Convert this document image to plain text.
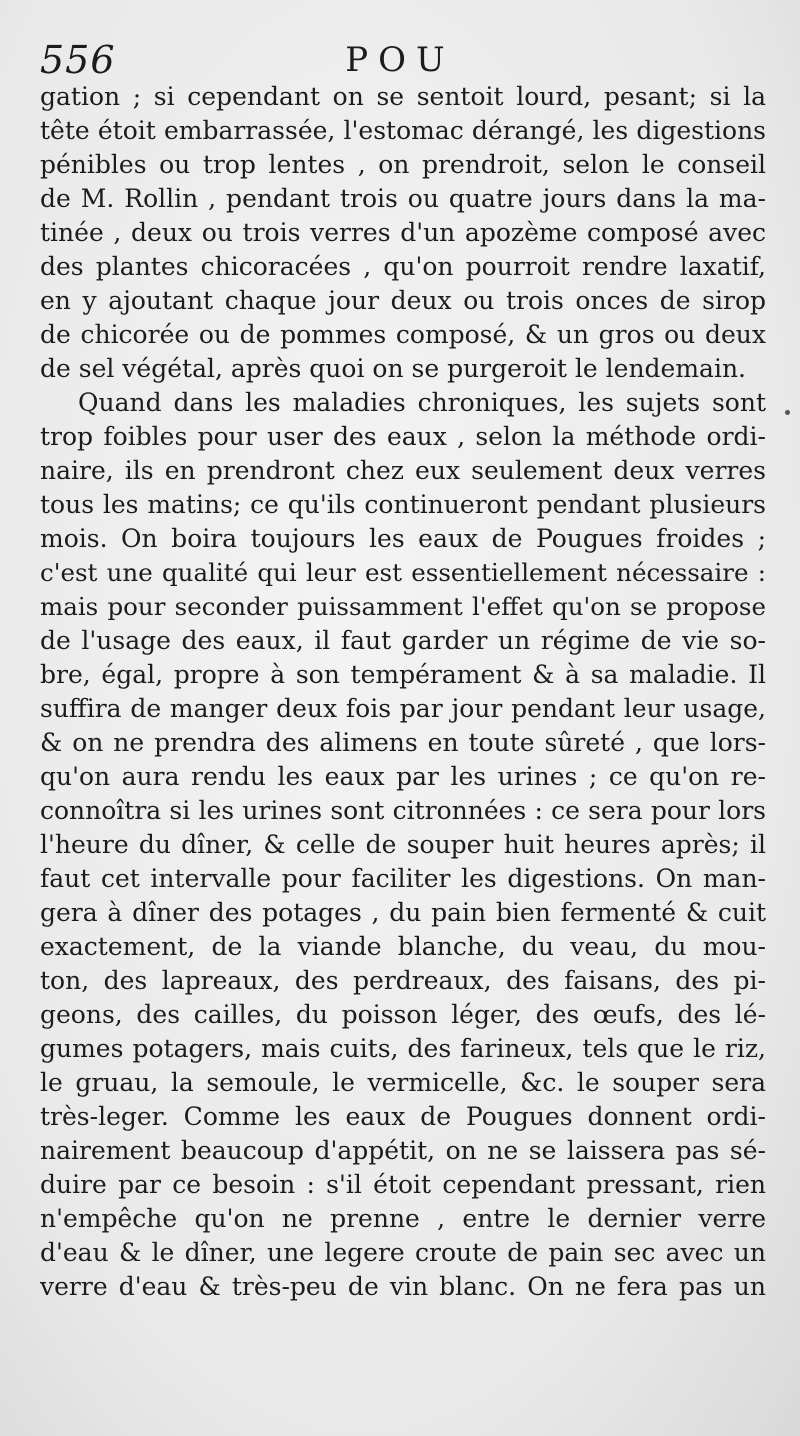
556	POU
gation ; si cependant on se sentoit lourd, pesant; si la
tête étoit embarrassée, l'estomac dérangé, les digestions
pénibles ou trop lentes , on prendroit, selon le conseil
de M. Rollin , pendant trois ou quatre jours dans la ma-
tinée , deux ou trois verres d'un apozème composé avec
des plantes chicoracées , qu'on pourroit rendre laxatif,
en y ajoutant chaque jour deux ou trois onces de sirop
de chicorée ou de pommes composé, & un gros ou deux
de sel végétal, après quoi on se purgeroit le lendemain.
Quand dans les maladies chroniques, les sujets sont
trop foibles pour user des eaux , selon la méthode ordi-
naire, ils en prendront chez eux seulement deux verres
tous les matins; ce qu'ils continueront pendant plusieurs
mois. On boira toujours les eaux de Pougues froides ;
c'est une qualité qui leur est essentiellement nécessaire :
mais pour seconder puissamment l'effet qu'on se propose
de l'usage des eaux, il faut garder un régime de vie so-
bre, égal, propre à son tempérament & à sa maladie. Il
suffira de manger deux fois par jour pendant leur usage,
& on ne prendra des alimens en toute sûreté , que lors-
qu'on aura rendu les eaux par les urines ; ce qu'on re-
connoîtra si les urines sont citronnées : ce sera pour lors
l'heure du dîner, & celle de souper huit heures après; il
faut cet intervalle pour faciliter les digestions. On man-
gera à dîner des potages , du pain bien fermenté & cuit
exactement, de la viande blanche, du veau, du mou-
ton, des lapreaux, des perdreaux, des faisans, des pi-
geons, des cailles, du poisson léger, des œufs, des lé-
gumes potagers, mais cuits, des farineux, tels que le riz,
le gruau, la semoule, le vermicelle, &c. le souper sera
très-leger. Comme les eaux de Pougues donnent ordi-
nairement beaucoup d'appétit, on ne se laissera pas sé-
duire par ce besoin : s'il étoit cependant pressant, rien
n'empêche qu'on ne prenne , entre le dernier verre
d'eau & le dîner, une legere croute de pain sec avec un
verre d'eau & très-peu de vin blanc. On ne fera pas un
